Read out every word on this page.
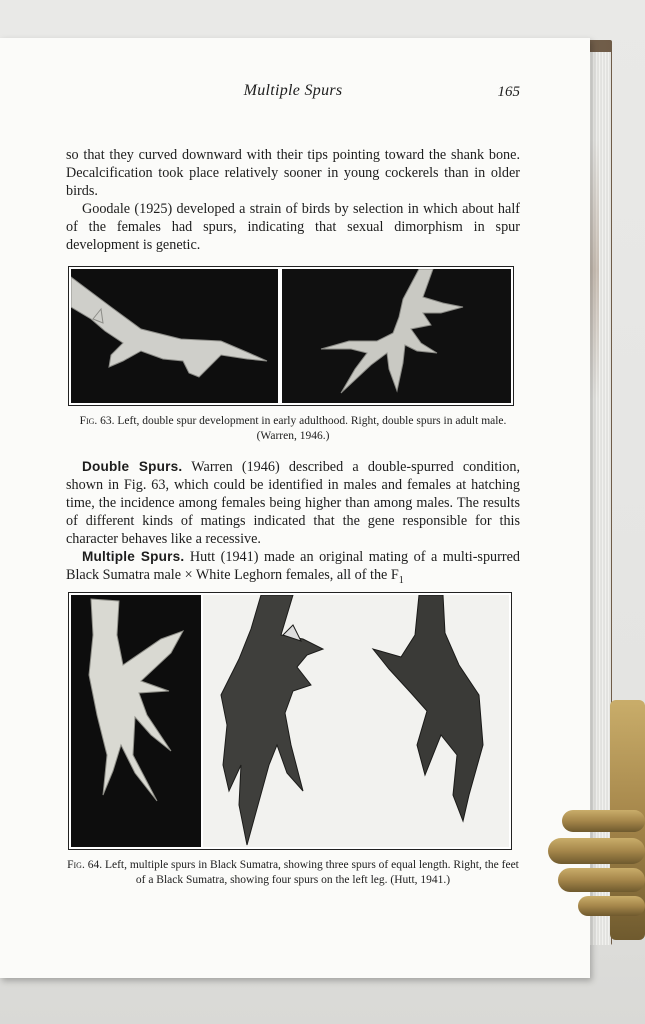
Multiple Spurs	165
so that they curved downward with their tips pointing toward the shank bone. Decalcification took place relatively sooner in young cockerels than in older birds.
Goodale (1925) developed a strain of birds by selection in which about half of the females had spurs, indicating that sexual dimorphism in spur development is genetic.
Fig. 63. Left, double spur development in early adulthood. Right, double spurs in adult male. (Warren, 1946.)
Double Spurs. Warren (1946) described a double-spurred condition, shown in Fig. 63, which could be identified in males and females at hatching time, the incidence among females being higher than among males. The results of different kinds of matings indicated that the gene responsible for this character behaves like a recessive.
Multiple Spurs. Hutt (1941) made an original mating of a multi-spurred Black Sumatra male × White Leghorn females, all of the $F_1$
Fig. 64. Left, multiple spurs in Black Sumatra, showing three spurs of equal length. Right, the feet of a Black Sumatra, showing four spurs on the left leg. (Hutt, 1941.)
